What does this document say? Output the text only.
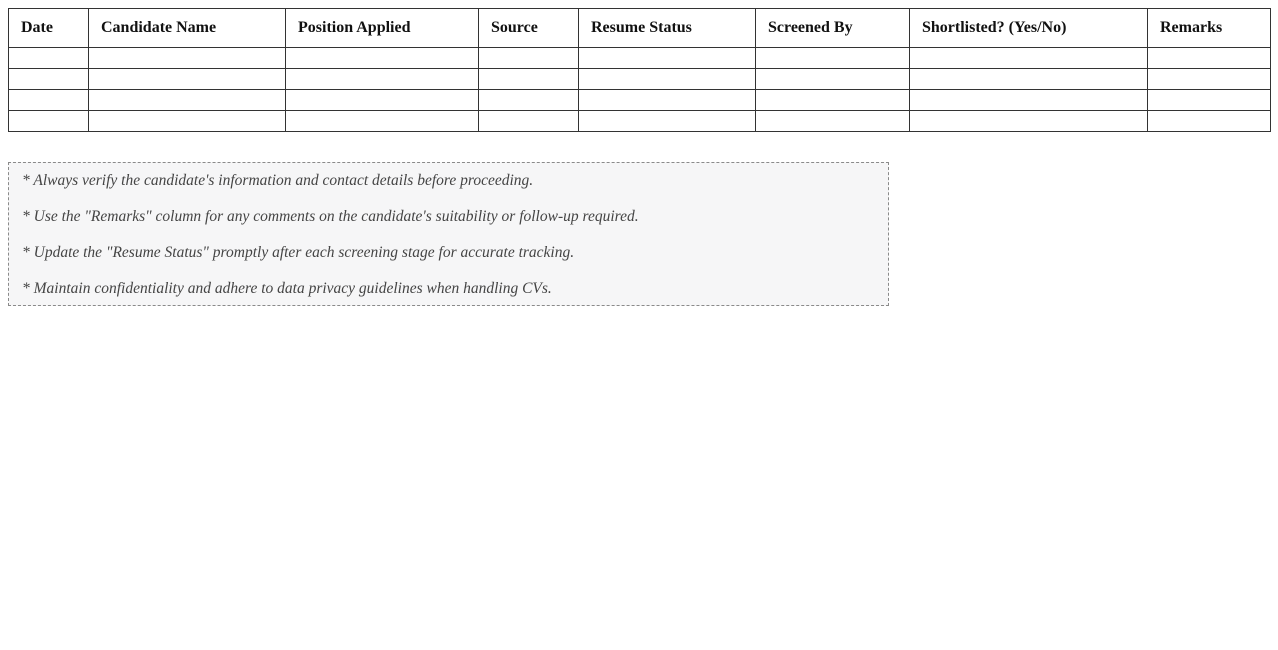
Date	Candidate Name	Position Applied	Source	Resume Status	Screened By	Shortlisted? (Yes/No)	Remarks

* Always verify the candidate's information and contact details before proceeding.

* Use the "Remarks" column for any comments on the candidate's suitability or follow-up required.

* Update the "Resume Status" promptly after each screening stage for accurate tracking.

* Maintain confidentiality and adhere to data privacy guidelines when handling CVs.
